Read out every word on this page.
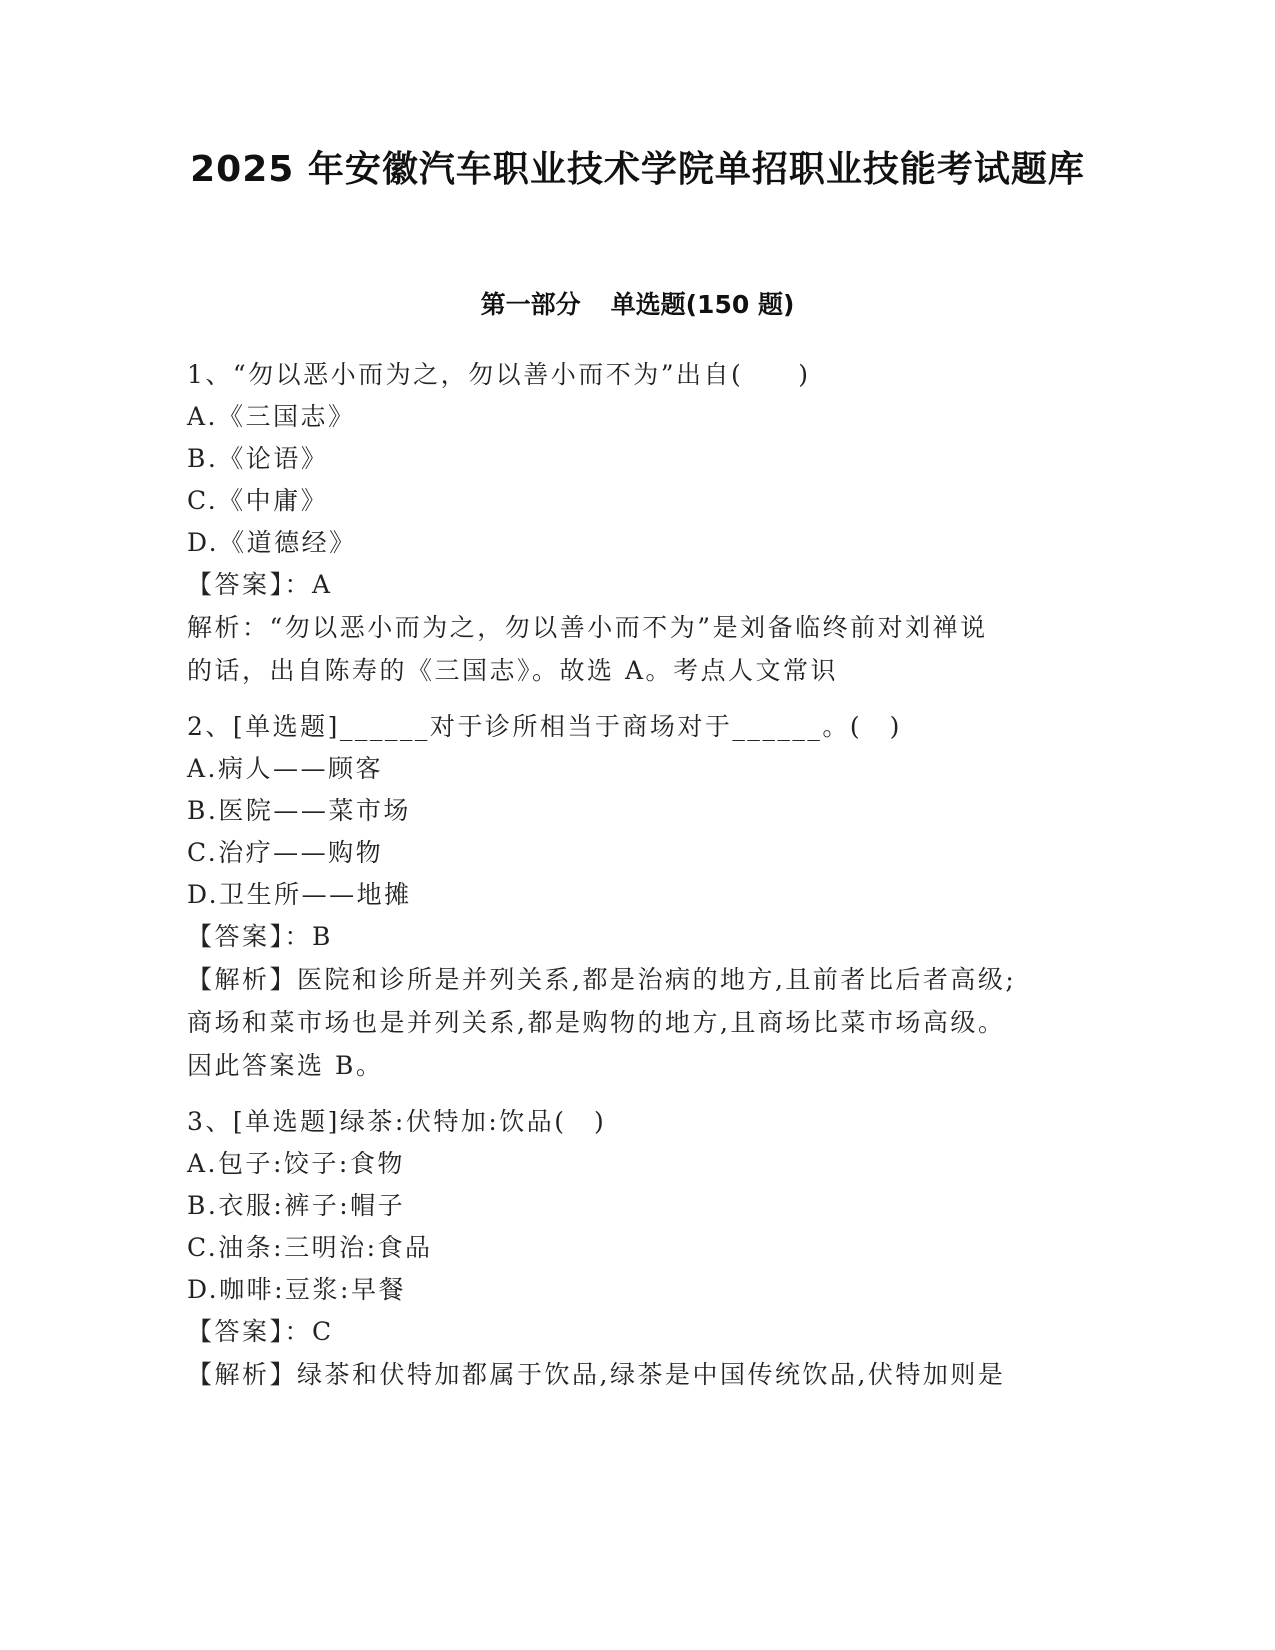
2025 年安徽汽车职业技术学院单招职业技能考试题库
第一部分 单选题(150 题)
1、“勿以恶小而为之，勿以善小而不为”出自(　　)
A.《三国志》
B.《论语》
C.《中庸》
D.《道德经》
【答案】：A
解析：“勿以恶小而为之，勿以善小而不为”是刘备临终前对刘禅说
的话，出自陈寿的《三国志》。故选 A。考点人文常识
2、[单选题]______对于诊所相当于商场对于______。(　)
A.病人——顾客
B.医院——菜市场
C.治疗——购物
D.卫生所——地摊
【答案】：B
【解析】医院和诊所是并列关系,都是治病的地方,且前者比后者高级;
商场和菜市场也是并列关系,都是购物的地方,且商场比菜市场高级。
因此答案选 B。
3、[单选题]绿茶:伏特加:饮品(　)
A.包子:饺子:食物
B.衣服:裤子:帽子
C.油条:三明治:食品
D.咖啡:豆浆:早餐
【答案】：C
【解析】绿茶和伏特加都属于饮品,绿茶是中国传统饮品,伏特加则是
